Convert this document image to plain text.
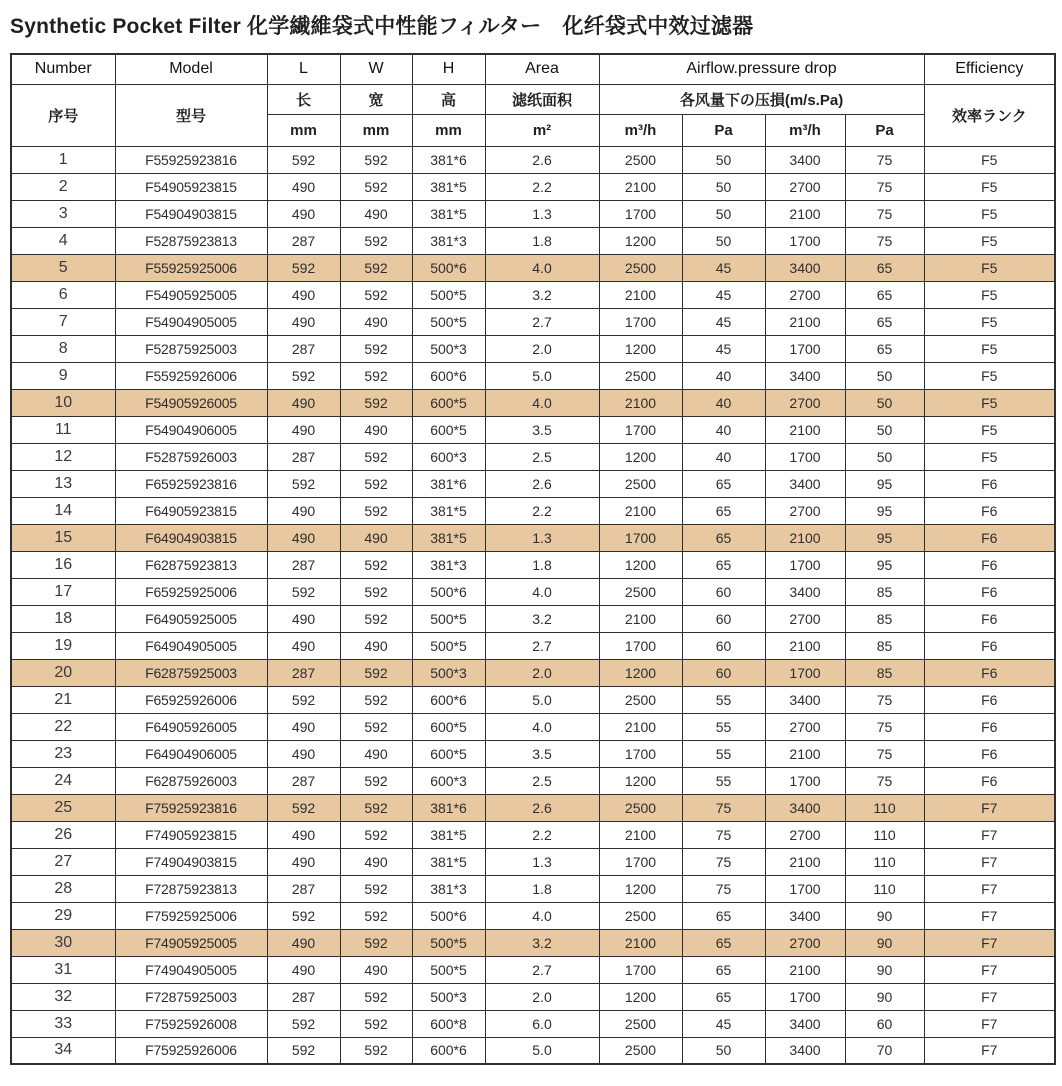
Synthetic Pocket Filter 化学繊維袋式中性能フィルター　化纤袋式中效过滤器
Number	Model	L	W	H	Area	Airflow.pressure drop				Efficiency
序号	型号	长	宽	高	滤纸面积	各风量下の压損(m/s.Pa)				效率ランク
		mm	mm	mm	m²	m³/h	Pa	m³/h	Pa	
1	F55925923816	592	592	381*6	2.6	2500	50	3400	75	F5
2	F54905923815	490	592	381*5	2.2	2100	50	2700	75	F5
3	F54904903815	490	490	381*5	1.3	1700	50	2100	75	F5
4	F52875923813	287	592	381*3	1.8	1200	50	1700	75	F5
5	F55925925006	592	592	500*6	4.0	2500	45	3400	65	F5
6	F54905925005	490	592	500*5	3.2	2100	45	2700	65	F5
7	F54904905005	490	490	500*5	2.7	1700	45	2100	65	F5
8	F52875925003	287	592	500*3	2.0	1200	45	1700	65	F5
9	F55925926006	592	592	600*6	5.0	2500	40	3400	50	F5
10	F54905926005	490	592	600*5	4.0	2100	40	2700	50	F5
11	F54904906005	490	490	600*5	3.5	1700	40	2100	50	F5
12	F52875926003	287	592	600*3	2.5	1200	40	1700	50	F5
13	F65925923816	592	592	381*6	2.6	2500	65	3400	95	F6
14	F64905923815	490	592	381*5	2.2	2100	65	2700	95	F6
15	F64904903815	490	490	381*5	1.3	1700	65	2100	95	F6
16	F62875923813	287	592	381*3	1.8	1200	65	1700	95	F6
17	F65925925006	592	592	500*6	4.0	2500	60	3400	85	F6
18	F64905925005	490	592	500*5	3.2	2100	60	2700	85	F6
19	F64904905005	490	490	500*5	2.7	1700	60	2100	85	F6
20	F62875925003	287	592	500*3	2.0	1200	60	1700	85	F6
21	F65925926006	592	592	600*6	5.0	2500	55	3400	75	F6
22	F64905926005	490	592	600*5	4.0	2100	55	2700	75	F6
23	F64904906005	490	490	600*5	3.5	1700	55	2100	75	F6
24	F62875926003	287	592	600*3	2.5	1200	55	1700	75	F6
25	F75925923816	592	592	381*6	2.6	2500	75	3400	110	F7
26	F74905923815	490	592	381*5	2.2	2100	75	2700	110	F7
27	F74904903815	490	490	381*5	1.3	1700	75	2100	110	F7
28	F72875923813	287	592	381*3	1.8	1200	75	1700	110	F7
29	F75925925006	592	592	500*6	4.0	2500	65	3400	90	F7
30	F74905925005	490	592	500*5	3.2	2100	65	2700	90	F7
31	F74904905005	490	490	500*5	2.7	1700	65	2100	90	F7
32	F72875925003	287	592	500*3	2.0	1200	65	1700	90	F7
33	F75925926008	592	592	600*8	6.0	2500	45	3400	60	F7
34	F75925926006	592	592	600*6	5.0	2500	50	3400	70	F7
